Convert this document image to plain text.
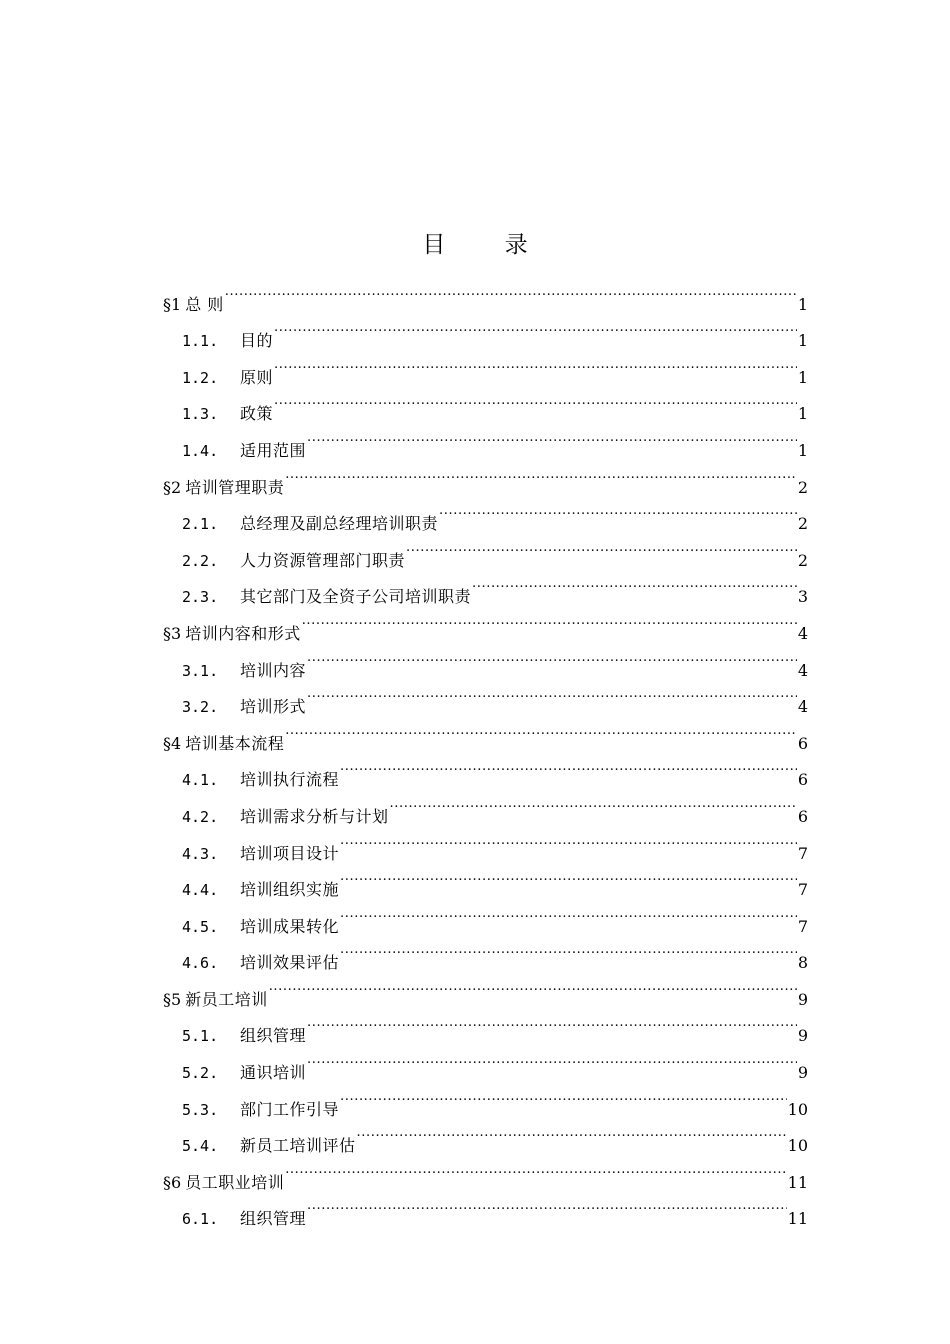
目 录
§1 总 则 .....	1
1.1.	目的 .....	1
1.2.	原则 .....	1
1.3.	政策 .....	1
1.4.	适用范围 .....	1
§2 培训管理职责 .....	2
2.1.	总经理及副总经理培训职责 .....	2
2.2.	人力资源管理部门职责 .....	2
2.3.	其它部门及全资子公司培训职责 .....	3
§3 培训内容和形式 .....	4
3.1.	培训内容 .....	4
3.2.	培训形式 .....	4
§4 培训基本流程 .....	6
4.1.	培训执行流程 .....	6
4.2.	培训需求分析与计划 .....	6
4.3.	培训项目设计 .....	7
4.4.	培训组织实施 .....	7
4.5.	培训成果转化 .....	7
4.6.	培训效果评估 .....	8
§5 新员工培训 .....	9
5.1.	组织管理 .....	9
5.2.	通识培训 .....	9
5.3.	部门工作引导 .....	10
5.4.	新员工培训评估 .....	10
§6 员工职业培训 .....	11
6.1.	组织管理 .....	11
